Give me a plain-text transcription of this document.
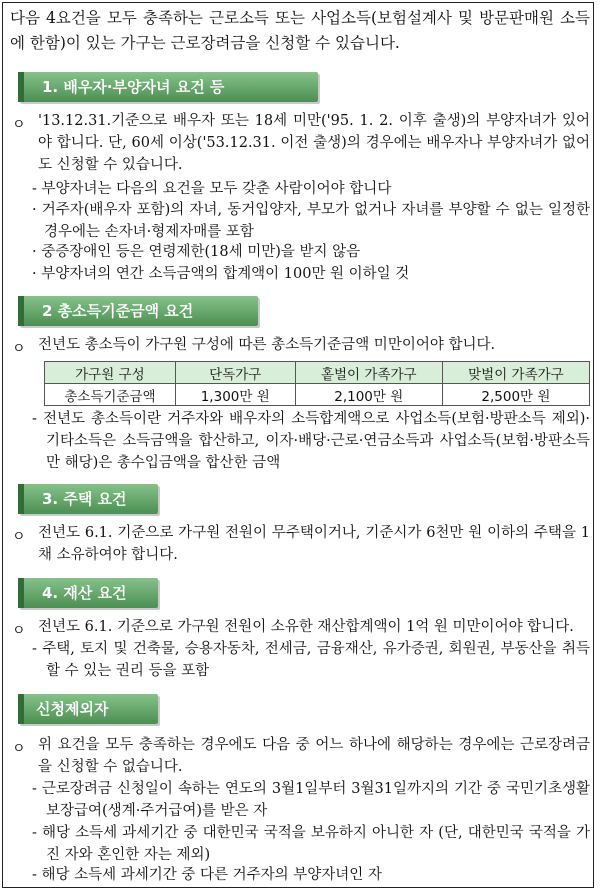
다음 4요건을 모두 충족하는 근로소득 또는 사업소득(보험설계사 및 방문판매원 소득에 한함)이 있는 가구는 근로장려금을 신청할 수 있습니다.
1. 배우자·부양자녀 요건 등
ㅇ '13.12.31.기준으로 배우자 또는 18세 미만('95. 1. 2. 이후 출생)의 부양자녀가 있어야 합니다. 단, 60세 이상('53.12.31. 이전 출생)의 경우에는 배우자나 부양자녀가 없어도 신청할 수 있습니다.
- 부양자녀는 다음의 요건을 모두 갖춘 사람이어야 합니다
· 거주자(배우자 포함)의 자녀, 동거입양자, 부모가 없거나 자녀를 부양할 수 없는 일정한 경우에는 손자녀·형제자매를 포함
· 중증장애인 등은 연령제한(18세 미만)을 받지 않음
· 부양자녀의 연간 소득금액의 합계액이 100만 원 이하일 것
2 총소득기준금액 요건
ㅇ 전년도 총소득이 가구원 구성에 따른 총소득기준금액 미만이어야 합니다.
가구원 구성	단독가구	홑벌이 가족가구	맞벌이 가족가구
총소득기준금액	1,300만 원	2,100만 원	2,500만 원
- 전년도 총소득이란 거주자와 배우자의 소득합계액으로 사업소득(보험·방판소득 제외)·기타소득은 소득금액을 합산하고, 이자·배당·근로·연금소득과 사업소득(보험·방판소득만 해당)은 총수입금액을 합산한 금액
3. 주택 요건
ㅇ 전년도 6.1. 기준으로 가구원 전원이 무주택이거나, 기준시가 6천만 원 이하의 주택을 1 채 소유하여야 합니다.
4. 재산 요건
ㅇ 전년도 6.1. 기준으로 가구원 전원이 소유한 재산합계액이 1억 원 미만이어야 합니다.
- 주택, 토지 및 건축물, 승용자동차, 전세금, 금융재산, 유가증권, 회원권, 부동산을 취득할 수 있는 권리 등을 포함
신청제외자
ㅇ 위 요건을 모두 충족하는 경우에도 다음 중 어느 하나에 해당하는 경우에는 근로장려금을 신청할 수 없습니다.
- 근로장려금 신청일이 속하는 연도의 3월1일부터 3월31일까지의 기간 중 국민기초생활보장급여(생계·주거급여)를 받은 자
- 해당 소득세 과세기간 중 대한민국 국적을 보유하지 아니한 자 (단, 대한민국 국적을 가진 자와 혼인한 자는 제외)
- 해당 소득세 과세기간 중 다른 거주자의 부양자녀인 자
